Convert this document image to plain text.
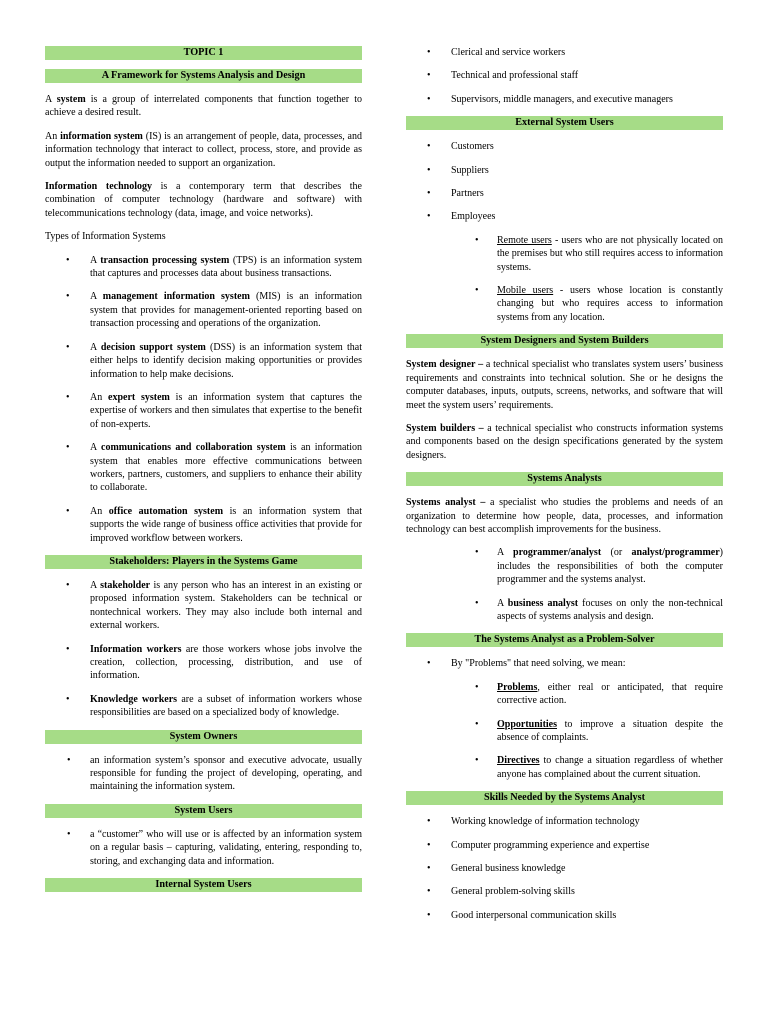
TOPIC 1
A Framework for Systems Analysis and Design

A system is a group of interrelated components that function together to achieve a desired result.

An information system (IS) is an arrangement of people, data, processes, and information technology that interact to collect, process, store, and provide as output the information needed to support an organization.

Information technology is a contemporary term that describes the combination of computer technology (hardware and software) with telecommunications technology (data, image, and voice networks).

Types of Information Systems

• A transaction processing system (TPS) is an information system that captures and processes data about business transactions.
• A management information system (MIS) is an information system that provides for management-oriented reporting based on transaction processing and operations of the organization.
• A decision support system (DSS) is an information system that either helps to identify decision making opportunities or provides information to help make decisions.
• An expert system is an information system that captures the expertise of workers and then simulates that expertise to the benefit of non-experts.
• A communications and collaboration system is an information system that enables more effective communications between workers, partners, customers, and suppliers to enhance their ability to collaborate.
• An office automation system is an information system that supports the wide range of business office activities that provide for improved workflow between workers.
Stakeholders: Players in the Systems Game
• A stakeholder is any person who has an interest in an existing or proposed information system. Stakeholders can be technical or nontechnical workers. They may also include both internal and external workers.
• Information workers are those workers whose jobs involve the creation, collection, processing, distribution, and use of information.
• Knowledge workers are a subset of information workers whose responsibilities are based on a specialized body of knowledge.
System Owners
• an information system’s sponsor and executive advocate, usually responsible for funding the project of developing, operating, and maintaining the information system.
System Users
• a “customer” who will use or is affected by an information system on a regular basis – capturing, validating, entering, responding to, storing, and exchanging data and information.
Internal System Users
• Clerical and service workers
• Technical and professional staff
• Supervisors, middle managers, and executive managers
External System Users
• Customers
• Suppliers
• Partners
• Employees
• Remote users - users who are not physically located on the premises but who still requires access to information systems.
• Mobile users - users whose location is constantly changing but who requires access to information systems from any location.
System Designers and System Builders

System designer – a technical specialist who translates system users’ business requirements and constraints into technical solution. She or he designs the computer databases, inputs, outputs, screens, networks, and software that will meet the system users’ requirements.

System builders – a technical specialist who constructs information systems and components based on the design specifications generated by the system designers.

Systems Analysts

Systems analyst – a specialist who studies the problems and needs of an organization to determine how people, data, processes, and information technology can best accomplish improvements for the business.

• A programmer/analyst (or analyst/programmer) includes the responsibilities of both the computer programmer and the systems analyst.
• A business analyst focuses on only the non-technical aspects of systems analysis and design.
The Systems Analyst as a Problem-Solver
• By "Problems" that need solving, we mean:
• Problems, either real or anticipated, that require corrective action.
• Opportunities to improve a situation despite the absence of complaints.
• Directives to change a situation regardless of whether anyone has complained about the current situation.
Skills Needed by the Systems Analyst
• Working knowledge of information technology
• Computer programming experience and expertise
• General business knowledge
• General problem-solving skills
• Good interpersonal communication skills
